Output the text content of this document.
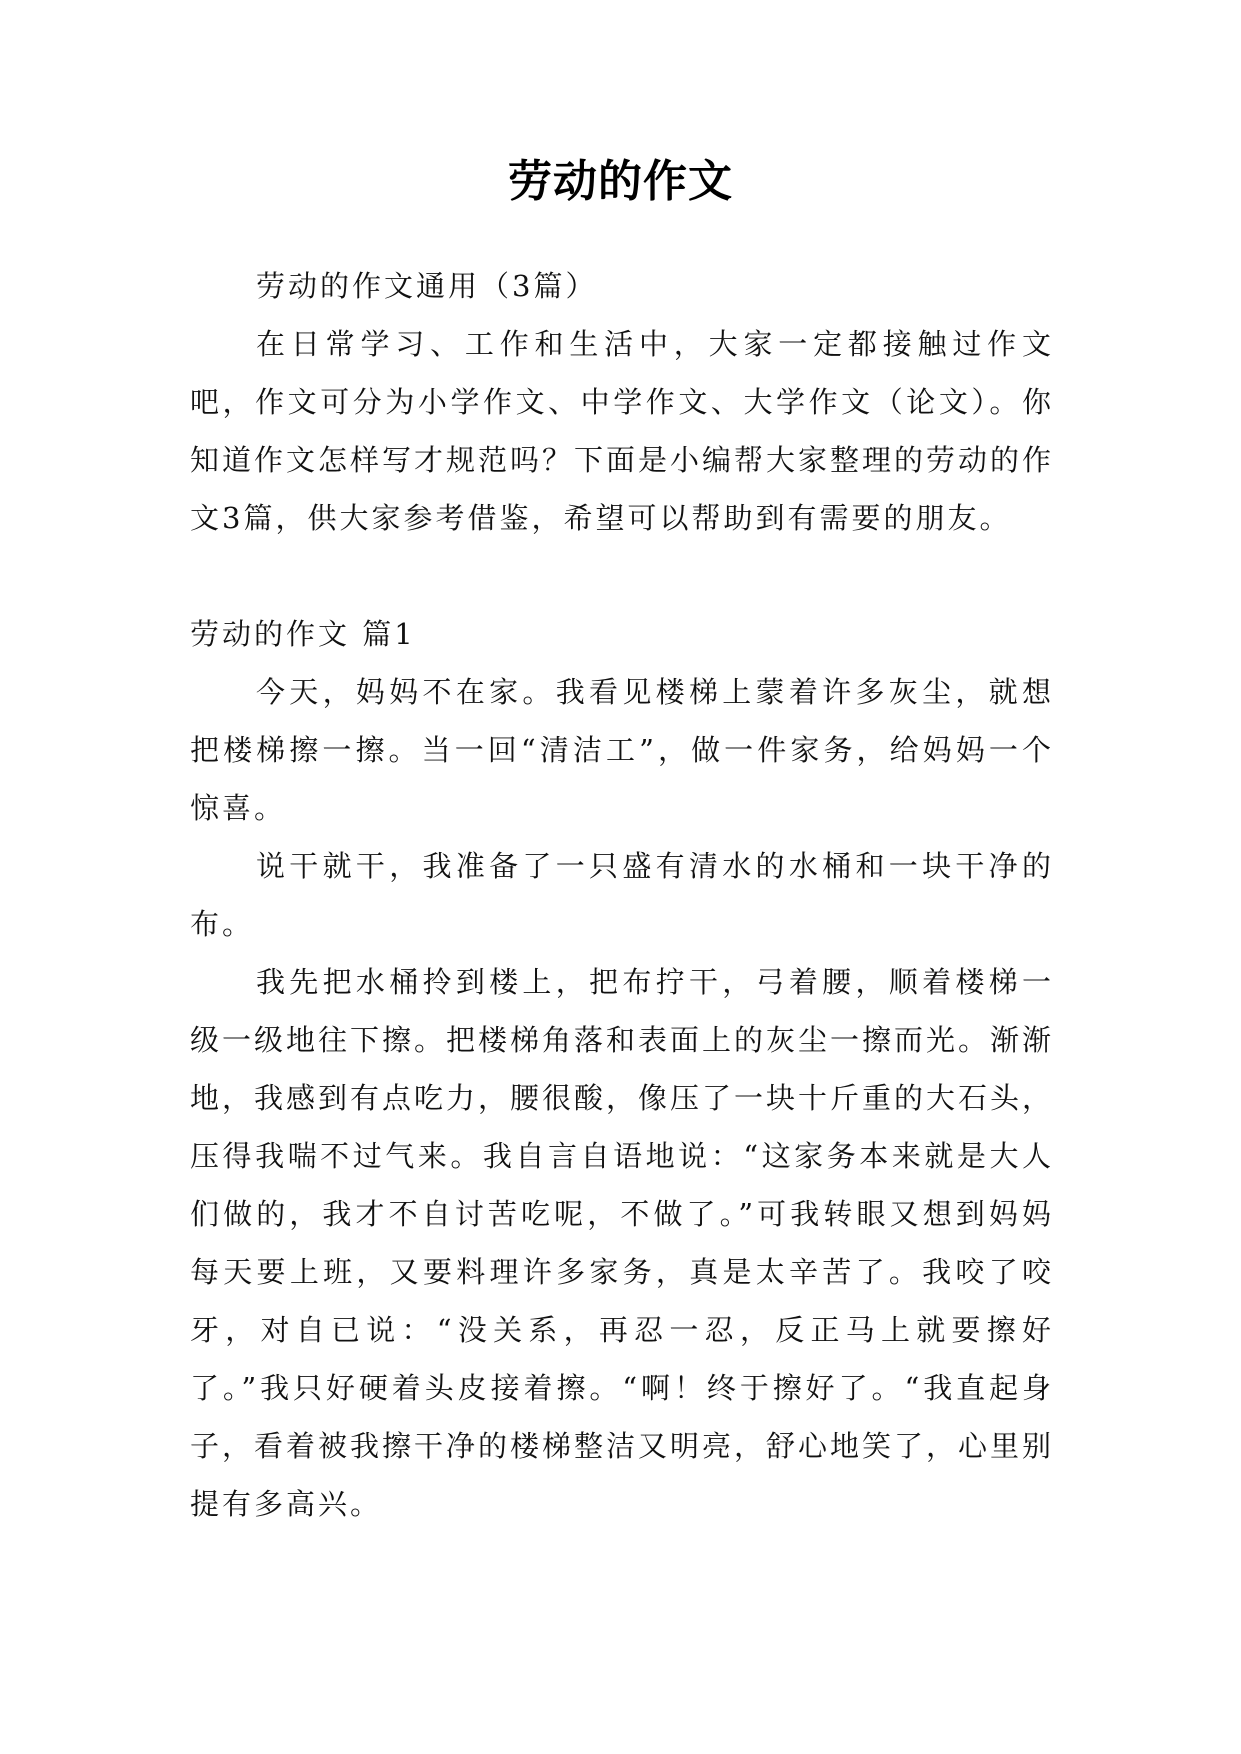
劳动的作文

劳动的作文通用（3篇）

在日常学习、工作和生活中，大家一定都接触过作文吧，作文可分为小学作文、中学作文、大学作文（论文）。你知道作文怎样写才规范吗？下面是小编帮大家整理的劳动的作文3篇，供大家参考借鉴，希望可以帮助到有需要的朋友。

劳动的作文 篇1

今天，妈妈不在家。我看见楼梯上蒙着许多灰尘，就想把楼梯擦一擦。当一回“清洁工”，做一件家务，给妈妈一个惊喜。

说干就干，我准备了一只盛有清水的水桶和一块干净的布。

我先把水桶拎到楼上，把布拧干，弓着腰，顺着楼梯一级一级地往下擦。把楼梯角落和表面上的灰尘一擦而光。渐渐地，我感到有点吃力，腰很酸，像压了一块十斤重的大石头，压得我喘不过气来。我自言自语地说：“这家务本来就是大人们做的，我才不自讨苦吃呢，不做了。”可我转眼又想到妈妈每天要上班，又要料理许多家务，真是太辛苦了。我咬了咬牙，对自已说：“没关系，再忍一忍，反正马上就要擦好了。”我只好硬着头皮接着擦。“啊！终于擦好了。“我直起身子，看着被我擦干净的楼梯整洁又明亮，舒心地笑了，心里别提有多高兴。
